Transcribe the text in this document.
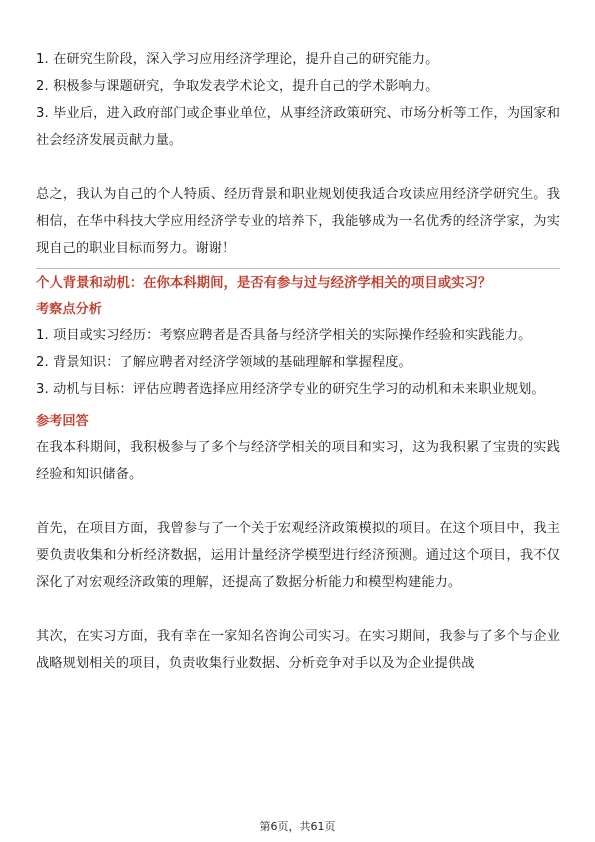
1. 在研究生阶段，深入学习应用经济学理论，提升自己的研究能力。

2. 积极参与课题研究，争取发表学术论文，提升自己的学术影响力。

3. 毕业后，进入政府部门或企事业单位，从事经济政策研究、市场分析等工作，为国家和社会经济发展贡献力量。

总之，我认为自己的个人特质、经历背景和职业规划使我适合攻读应用经济学研究生。我相信，在华中科技大学应用经济学专业的培养下，我能够成为一名优秀的经济学家，为实现自己的职业目标而努力。谢谢！

个人背景和动机：在你本科期间，是否有参与过与经济学相关的项目或实习？
考察点分析

1. 项目或实习经历：考察应聘者是否具备与经济学相关的实际操作经验和实践能力。

2. 背景知识：了解应聘者对经济学领域的基础理解和掌握程度。

3. 动机与目标：评估应聘者选择应用经济学专业的研究生学习的动机和未来职业规划。

参考回答

在我本科期间，我积极参与了多个与经济学相关的项目和实习，这为我积累了宝贵的实践经验和知识储备。

首先，在项目方面，我曾参与了一个关于宏观经济政策模拟的项目。在这个项目中，我主要负责收集和分析经济数据，运用计量经济学模型进行经济预测。通过这个项目，我不仅深化了对宏观经济政策的理解，还提高了数据分析能力和模型构建能力。

其次，在实习方面，我有幸在一家知名咨询公司实习。在实习期间，我参与了多个与企业战略规划相关的项目，负责收集行业数据、分析竞争对手以及为企业提供战

第6页，共61页
